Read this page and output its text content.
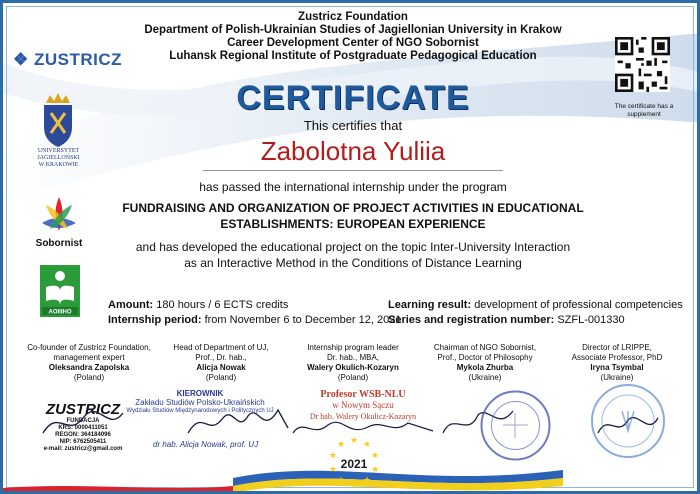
Zustricz Foundation
Department of Polish-Ukrainian Studies of Jagiellonian University in Krakow
Career Development Center of NGO Sobornist
Luhansk Regional Institute of Postgraduate Pedagogical Education
❖ ZUSTRICZ
UNIVERSYTET
JAGIELLOŃSKI
W KRAKOWIE
Sobornist
AOIIIHO
The certificate has a supplement
CERTIFICATE
This certifies that
Zabolotna Yuliia
has passed the international internship under the program
FUNDRAISING AND ORGANIZATION OF PROJECT ACTIVITIES IN EDUCATIONAL
ESTABLISHMENTS: EUROPEAN EXPERIENCE
and has developed the educational project on the topic Inter-University Interaction
as an Interactive Method in the Conditions of Distance Learning
Amount: 180 hours / 6 ECTS credits
Internship period: from November 6 to December 12, 2021
Learning result: development of professional competencies
Series and registration number: SZFL-001330
Co-founder of Zustricz Foundation,
management expert
Oleksandra Zapolska
(Poland)
Head of Department of UJ,
Prof., Dr. hab.,
Alicja Nowak
(Poland)
Internship program leader
Dr. hab., MBA,
Walery Okulich-Kozaryn
(Poland)
Chairman of NGO Sobornist,
Prof., Doctor of Philosophy
Mykola Zhurba
(Ukraine)
Director of LRIPPE,
Associate Professor, PhD
Iryna Tsymbal
(Ukraine)
ZUSTRICZ
FUNDACJA
KRS: 0000411051
REGON: 364184096
NIP: 6762505411
e-mail: zustricz@gmail.com
KIEROWNIK
Zakładu Studiów Polsko-Ukraińskich
Wydziału Studiów Międzynarodowych i Politycznych UJ
dr hab. Alicja Nowak, prof. UJ
Profesor WSB-NLU
w Nowym Sączu
Dr hab. Walery Okulicz-Kozaryn
★ ★
★
★
★
★
★
★
★
★
2021
